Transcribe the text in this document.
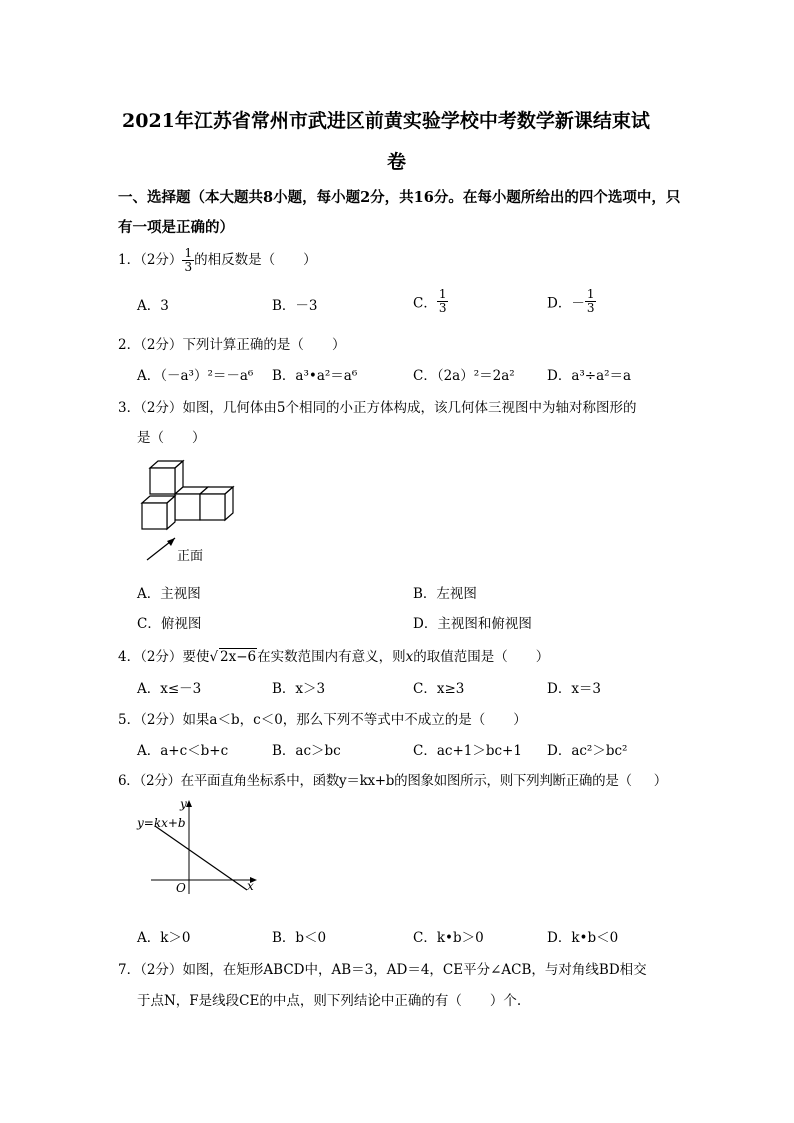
2021年江苏省常州市武进区前黄实验学校中考数学新课结束试
卷
一、选择题（本大题共8小题，每小题2分，共16分。在每小题所给出的四个选项中，只
有一项是正确的）
1．（2分） $\frac{1}{3}$ 的相反数是（ ）
A．3	B．－3	C． $\frac{1}{3}$	D．－ $\frac{1}{3}$
2．（2分）下列计算正确的是（ ）
A．（－a³）²＝－a⁶ B．a³•a²＝a⁶	C．（2a）²＝2a² D．a³÷a²＝a
3．（2分）如图，几何体由5个相同的小正方体构成，该几何体三视图中为轴对称图形的
是（ ）
正面
A．主视图	B．左视图
C．俯视图	D．主视图和俯视图
4．（2分）要使√ 2x−6在实数范围内有意义，则x的取值范围是（ ）
A．x≤－3	B．x＞3	C．x≥3	D．x＝3
5．（2分）如果a＜b，c＜0，那么下列不等式中不成立的是（ ）
A．a+c＜b+c	B．ac＞bc	C．ac+1＞bc+1 D．ac²＞bc²
6．（2分）在平面直角坐标系中，函数y＝kx+b的图象如图所示，则下列判断正确的是（ ）
y
y=kx+b
O	x
A．k＞0	B．b＜0	C．k•b＞0	D．k•b＜0
7．（2分）如图，在矩形ABCD中，AB＝3，AD＝4，CE平分∠ACB，与对角线BD相交
于点N，F是线段CE的中点，则下列结论中正确的有（ ）个.
